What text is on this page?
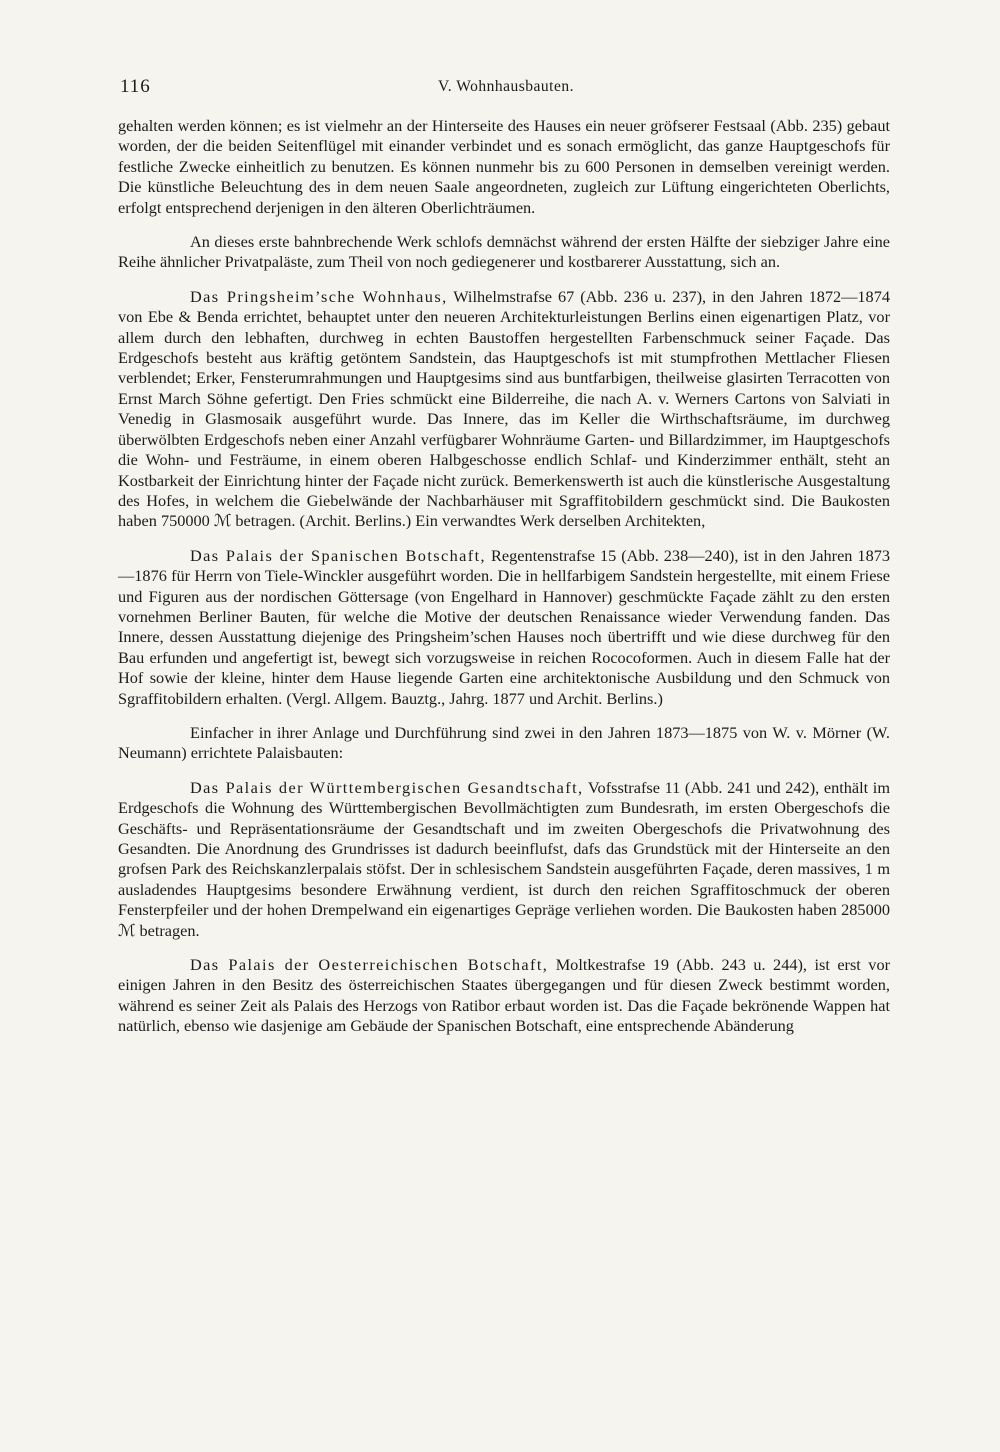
116	V. Wohnhausbauten.

gehalten werden können; es ist vielmehr an der Hinterseite des Hauses ein neuer gröfserer Festsaal (Abb. 235) gebaut worden, der die beiden Seitenflügel mit einander verbindet und es sonach ermöglicht, das ganze Hauptgeschofs für festliche Zwecke einheitlich zu benutzen. Es können nunmehr bis zu 600 Personen in demselben vereinigt werden. Die künstliche Beleuchtung des in dem neuen Saale angeordneten, zugleich zur Lüftung eingerichteten Oberlichts, erfolgt entsprechend derjenigen in den älteren Oberlichträumen.

An dieses erste bahnbrechende Werk schlofs demnächst während der ersten Hälfte der siebziger Jahre eine Reihe ähnlicher Privatpaläste, zum Theil von noch gediegenerer und kostbarerer Ausstattung, sich an.

Das Pringsheim’sche Wohnhaus, Wilhelmstrafse 67 (Abb. 236 u. 237), in den Jahren 1872—1874 von Ebe & Benda errichtet, behauptet unter den neueren Architekturleistungen Berlins einen eigenartigen Platz, vor allem durch den lebhaften, durchweg in echten Baustoffen hergestellten Farbenschmuck seiner Façade. Das Erdgeschofs besteht aus kräftig getöntem Sandstein, das Hauptgeschofs ist mit stumpfrothen Mettlacher Fliesen verblendet; Erker, Fensterumrahmungen und Hauptgesims sind aus buntfarbigen, theilweise glasirten Terracotten von Ernst March Söhne gefertigt. Den Fries schmückt eine Bilderreihe, die nach A. v. Werners Cartons von Salviati in Venedig in Glasmosaik ausgeführt wurde. Das Innere, das im Keller die Wirthschaftsräume, im durchweg überwölbten Erdgeschofs neben einer Anzahl verfügbarer Wohnräume Garten- und Billardzimmer, im Hauptgeschofs die Wohn- und Festräume, in einem oberen Halbgeschosse endlich Schlaf- und Kinderzimmer enthält, steht an Kostbarkeit der Einrichtung hinter der Façade nicht zurück. Bemerkenswerth ist auch die künstlerische Ausgestaltung des Hofes, in welchem die Giebelwände der Nachbarhäuser mit Sgraffitobildern geschmückt sind. Die Baukosten haben 750000 ℳ betragen. (Archit. Berlins.) Ein verwandtes Werk derselben Architekten,

Das Palais der Spanischen Botschaft, Regentenstrafse 15 (Abb. 238—240), ist in den Jahren 1873—1876 für Herrn von Tiele-Winckler ausgeführt worden. Die in hellfarbigem Sandstein hergestellte, mit einem Friese und Figuren aus der nordischen Göttersage (von Engelhard in Hannover) geschmückte Façade zählt zu den ersten vornehmen Berliner Bauten, für welche die Motive der deutschen Renaissance wieder Verwendung fanden. Das Innere, dessen Ausstattung diejenige des Pringsheim’schen Hauses noch übertrifft und wie diese durchweg für den Bau erfunden und angefertigt ist, bewegt sich vorzugsweise in reichen Rococoformen. Auch in diesem Falle hat der Hof sowie der kleine, hinter dem Hause liegende Garten eine architektonische Ausbildung und den Schmuck von Sgraffitobildern erhalten. (Vergl. Allgem. Bauztg., Jahrg. 1877 und Archit. Berlins.)

Einfacher in ihrer Anlage und Durchführung sind zwei in den Jahren 1873—1875 von W. v. Mörner (W. Neumann) errichtete Palaisbauten:

Das Palais der Württembergischen Gesandtschaft, Vofsstrafse 11 (Abb. 241 und 242), enthält im Erdgeschofs die Wohnung des Württembergischen Bevollmächtigten zum Bundesrath, im ersten Obergeschofs die Geschäfts- und Repräsentationsräume der Gesandtschaft und im zweiten Obergeschofs die Privatwohnung des Gesandten. Die Anordnung des Grundrisses ist dadurch beeinflufst, dafs das Grundstück mit der Hinterseite an den grofsen Park des Reichskanzlerpalais stöfst. Der in schlesischem Sandstein ausgeführten Façade, deren massives, 1 m ausladendes Hauptgesims besondere Erwähnung verdient, ist durch den reichen Sgraffitoschmuck der oberen Fensterpfeiler und der hohen Drempelwand ein eigenartiges Gepräge verliehen worden. Die Baukosten haben 285000 ℳ betragen.

Das Palais der Oesterreichischen Botschaft, Moltkestrafse 19 (Abb. 243 u. 244), ist erst vor einigen Jahren in den Besitz des österreichischen Staates übergegangen und für diesen Zweck bestimmt worden, während es seiner Zeit als Palais des Herzogs von Ratibor erbaut worden ist. Das die Façade bekrönende Wappen hat natürlich, ebenso wie dasjenige am Gebäude der Spanischen Botschaft, eine entsprechende Abänderung
